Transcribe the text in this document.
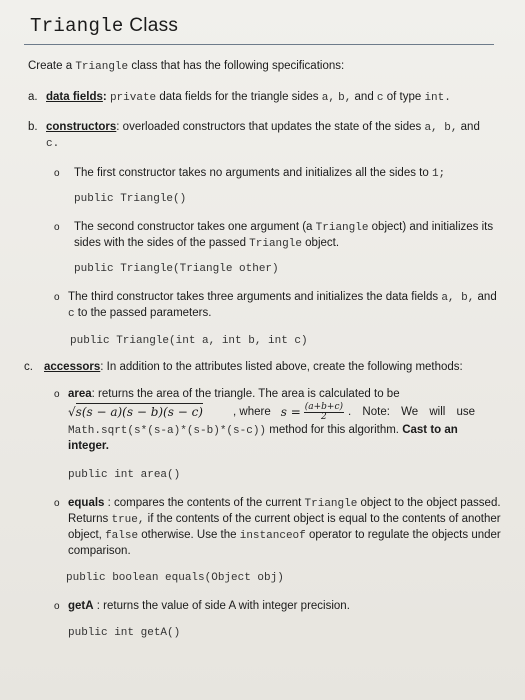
Triangle Class
Create a Triangle class that has the following specifications:
a. data fields: private data fields for the triangle sides a, b, and c of type int.
b. constructors: overloaded constructors that updates the state of the sides a, b, and
c.
o The first constructor takes no arguments and initializes all the sides to 1;
public Triangle()
o The second constructor takes one argument (a Triangle object) and initializes its sides with the sides of the passed Triangle object.
public Triangle(Triangle other)
o The third constructor takes three arguments and initializes the data fields a, b, and c to the passed parameters.
public Triangle(int a, int b, int c)
c. accessors: In addition to the attributes listed above, create the following methods:
o area: returns the area of the triangle. The area is calculated to be
√s(s − a)(s − b)(s − c)	, where $s = \frac{(a+b+c)}{2}$ . Note: We will use
Math.sqrt(s*(s-a)*(s-b)*(s-c)) method for this algorithm. Cast to an integer.
public int area()
o equals : compares the contents of the current Triangle object to the object passed. Returns true, if the contents of the current object is equal to the contents of another object, false otherwise. Use the instanceof operator to regulate the objects under comparison.
public boolean equals(Object obj)
o getA : returns the value of side A with integer precision.
public int getA()
